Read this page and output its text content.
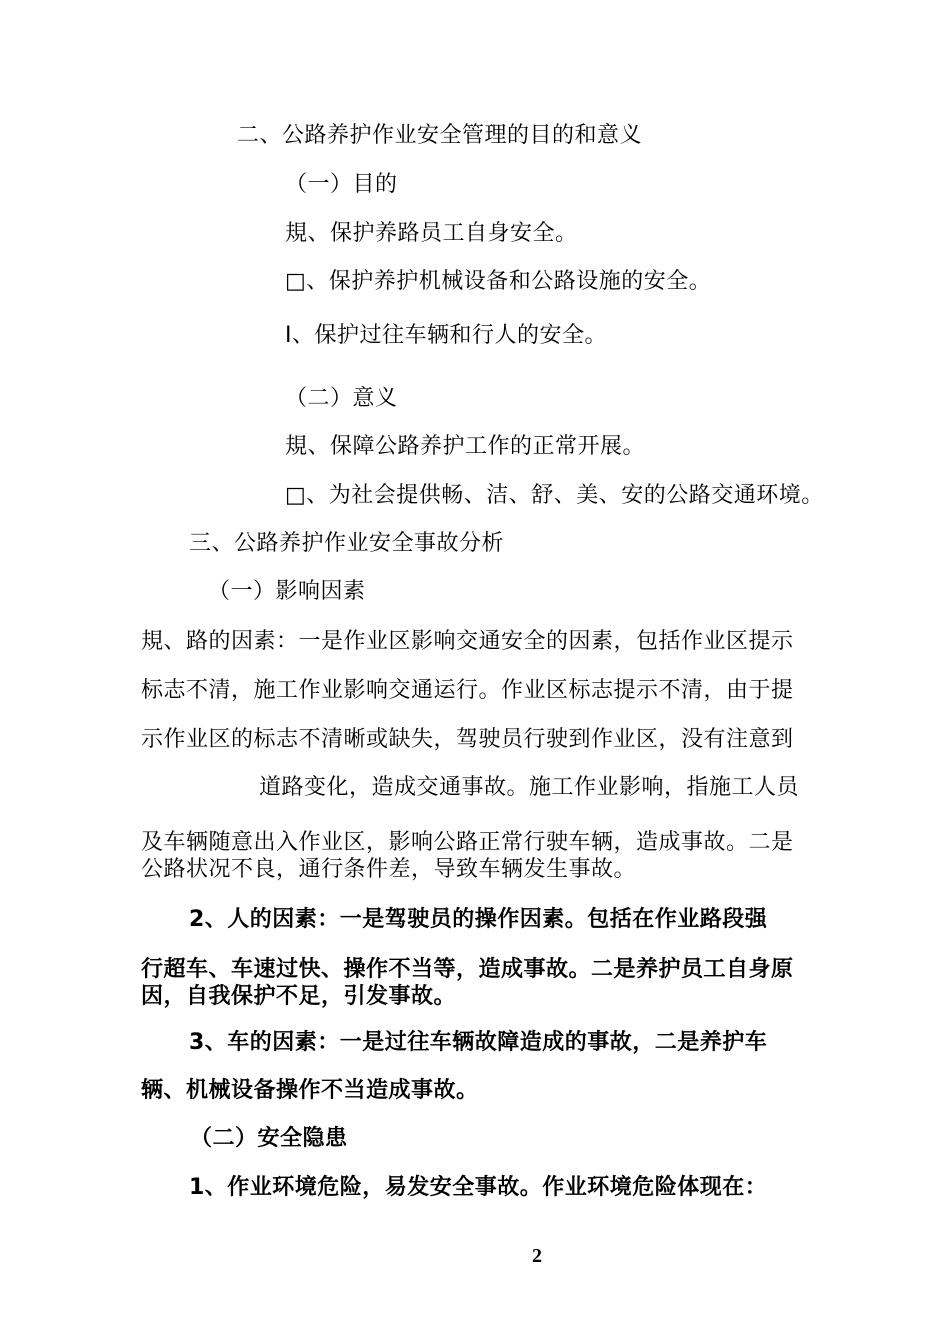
二、公路养护作业安全管理的目的和意义
（一）目的
規、保护养路员工自身安全。
□、保护养护机械设备和公路设施的安全。
I、保护过往车辆和行人的安全。
（二）意义
規、保障公路养护工作的正常开展。
□、为社会提供畅、洁、舒、美、安的公路交通环境。
三、公路养护作业安全事故分析
（一）影响因素
規、路的因素：一是作业区影响交通安全的因素，包括作业区提示
标志不清，施工作业影响交通运行。作业区标志提示不清，由于提
示作业区的标志不清晰或缺失，驾驶员行驶到作业区，没有注意到
道路变化，造成交通事故。施工作业影响，指施工人员
及车辆随意出入作业区，影响公路正常行驶车辆，造成事故。二是
公路状况不良，通行条件差，导致车辆发生事故。
2、人的因素：一是驾驶员的操作因素。包括在作业路段强
行超车、车速过快、操作不当等，造成事故。二是养护员工自身原
因，自我保护不足，引发事故。
3、车的因素：一是过往车辆故障造成的事故，二是养护车
辆、机械设备操作不当造成事故。
（二）安全隐患
1、作业环境危险，易发安全事故。作业环境危险体现在：
2
